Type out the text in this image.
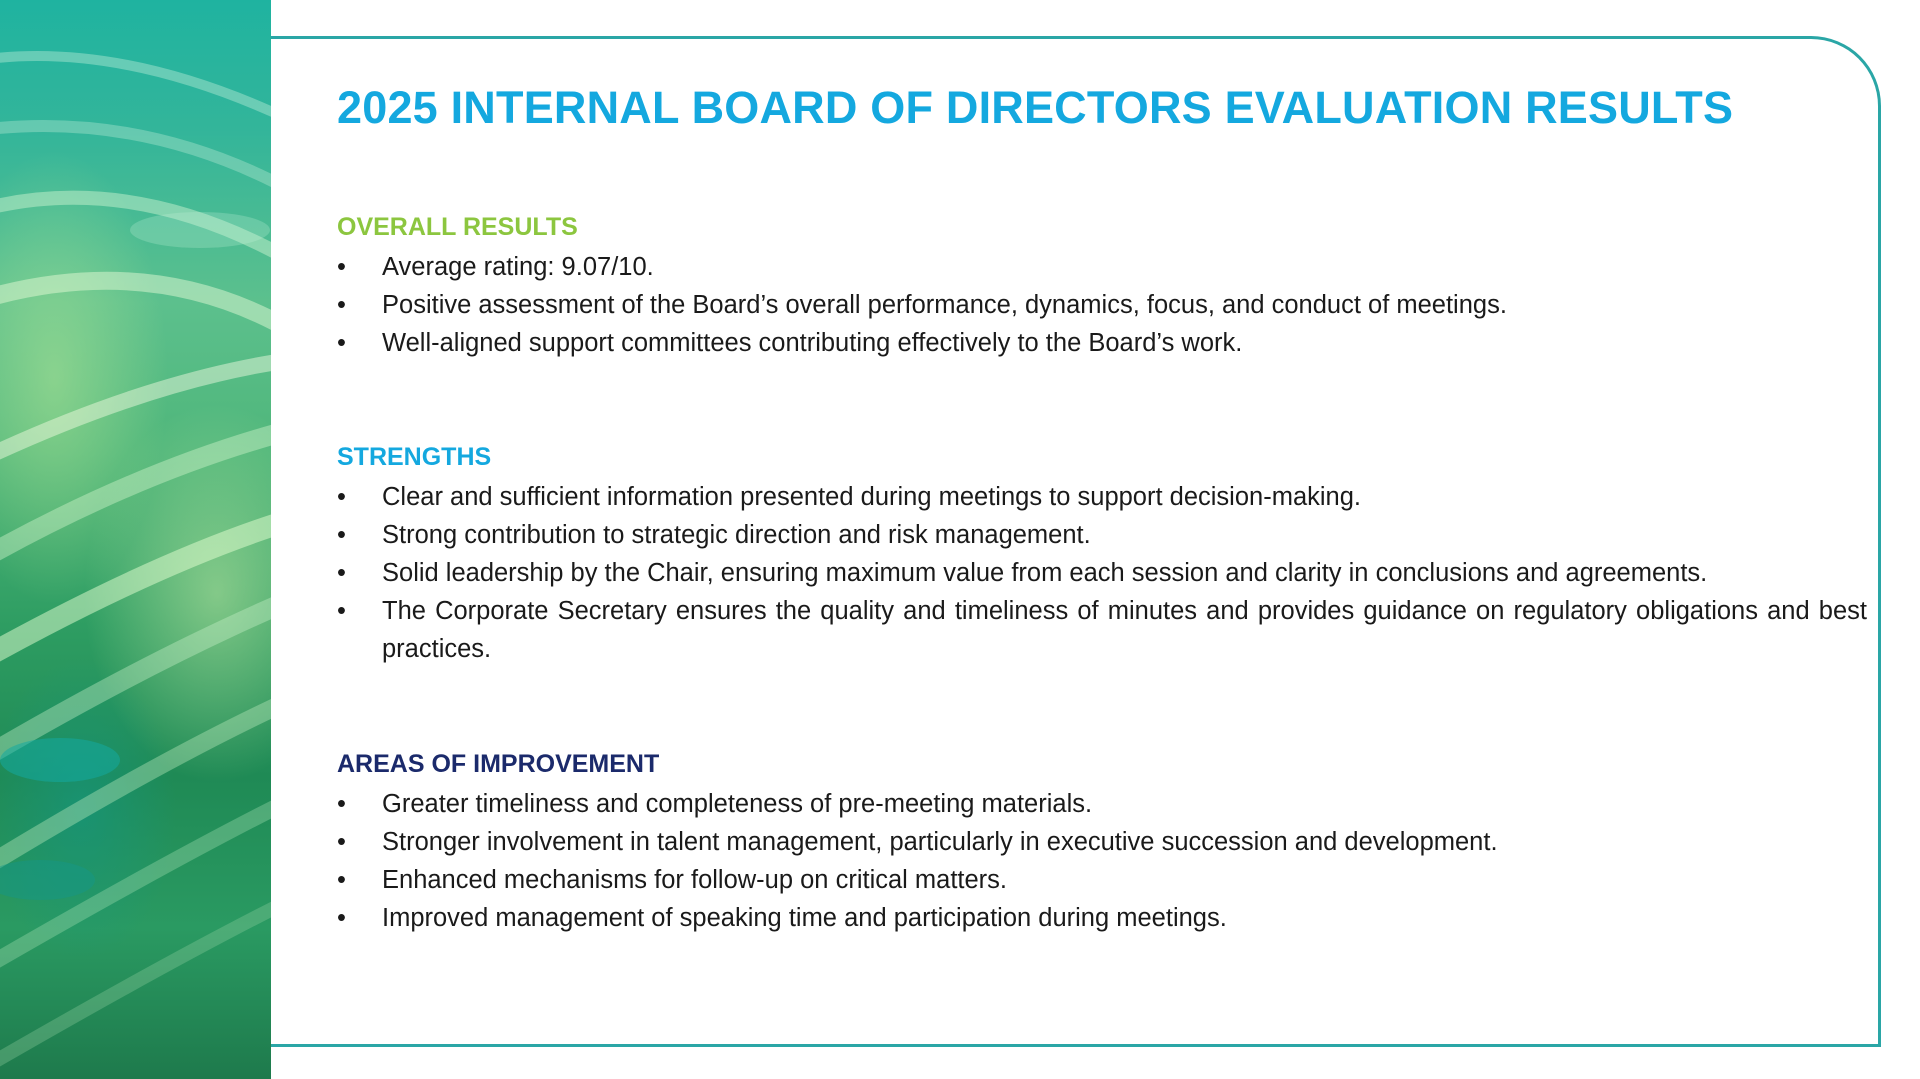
2025 INTERNAL BOARD OF DIRECTORS EVALUATION RESULTS
OVERALL RESULTS
•	Average rating: 9.07/10.
•	Positive assessment of the Board’s overall performance, dynamics, focus, and conduct of meetings.
•	Well-aligned support committees contributing effectively to the Board’s work.
STRENGTHS
•	Clear and sufficient information presented during meetings to support decision-making.
•	Strong contribution to strategic direction and risk management.
•	Solid leadership by the Chair, ensuring maximum value from each session and clarity in conclusions and agreements.
•	The Corporate Secretary ensures the quality and timeliness of minutes and provides guidance on regulatory obligations and best practices.
AREAS OF IMPROVEMENT
•	Greater timeliness and completeness of pre-meeting materials.
•	Stronger involvement in talent management, particularly in executive succession and development.
•	Enhanced mechanisms for follow-up on critical matters.
•	Improved management of speaking time and participation during meetings.
